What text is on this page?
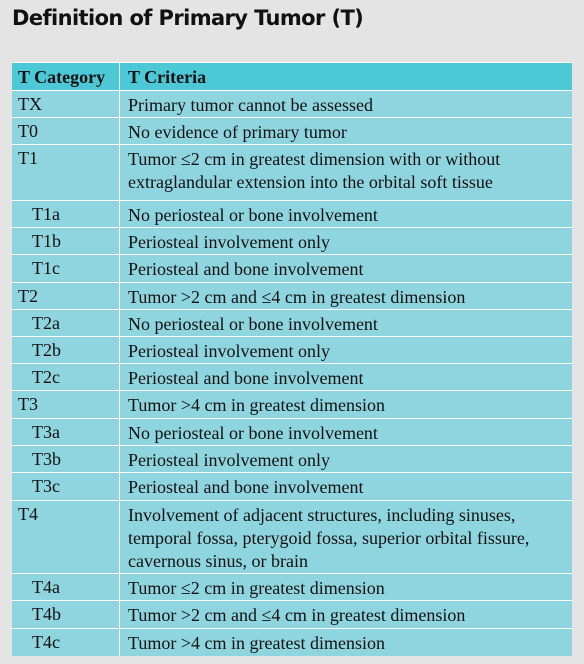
Definition of Primary Tumor (T)
T Category T Criteria
TX	Primary tumor cannot be assessed
T0	No evidence of primary tumor
T1	Tumor ≤2 cm in greatest dimension with or without extraglandular extension into the orbital soft tissue
T1a	No periosteal or bone involvement
T1b	Periosteal involvement only
T1c	Periosteal and bone involvement
T2	Tumor >2 cm and ≤4 cm in greatest dimension
T2a	No periosteal or bone involvement
T2b	Periosteal involvement only
T2c	Periosteal and bone involvement
T3	Tumor >4 cm in greatest dimension
T3a	No periosteal or bone involvement
T3b	Periosteal involvement only
T3c	Periosteal and bone involvement
T4	Involvement of adjacent structures, including sinuses, temporal fossa, pterygoid fossa, superior orbital fissure, cavernous sinus, or brain
T4a	Tumor ≤2 cm in greatest dimension
T4b	Tumor >2 cm and ≤4 cm in greatest dimension
T4c	Tumor >4 cm in greatest dimension
